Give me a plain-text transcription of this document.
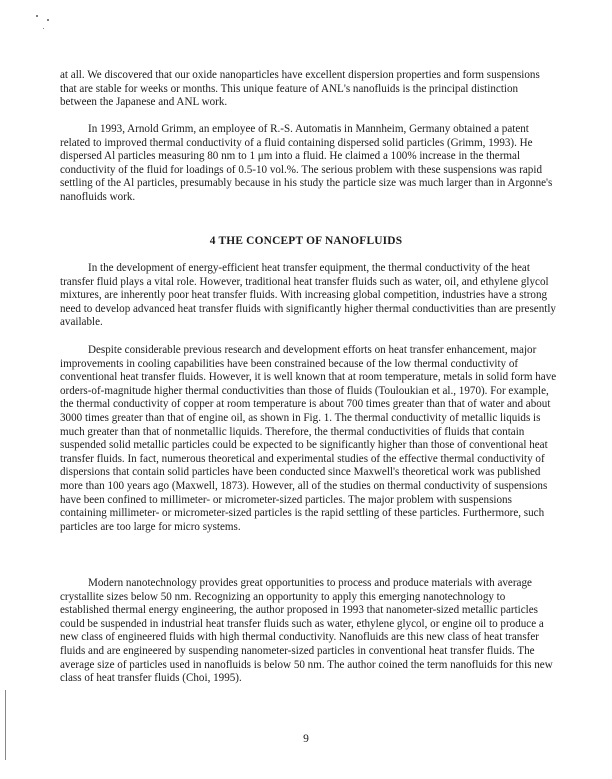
at all. We discovered that our oxide nanoparticles have excellent dispersion properties and form suspensions that are stable for weeks or months. This unique feature of ANL's nanofluids is the principal distinction between the Japanese and ANL work.

In 1993, Arnold Grimm, an employee of R.-S. Automatis in Mannheim, Germany obtained a patent related to improved thermal conductivity of a fluid containing dispersed solid particles (Grimm, 1993). He dispersed Al particles measuring 80 nm to 1 μm into a fluid. He claimed a 100% increase in the thermal conductivity of the fluid for loadings of 0.5-10 vol.%. The serious problem with these suspensions was rapid settling of the Al particles, presumably because in his study the particle size was much larger than in Argonne's nanofluids work.

4 THE CONCEPT OF NANOFLUIDS

In the development of energy-efficient heat transfer equipment, the thermal conductivity of the heat transfer fluid plays a vital role. However, traditional heat transfer fluids such as water, oil, and ethylene glycol mixtures, are inherently poor heat transfer fluids. With increasing global competition, industries have a strong need to develop advanced heat transfer fluids with significantly higher thermal conductivities than are presently available.

Despite considerable previous research and development efforts on heat transfer enhancement, major improvements in cooling capabilities have been constrained because of the low thermal conductivity of conventional heat transfer fluids. However, it is well known that at room temperature, metals in solid form have orders-of-magnitude higher thermal conductivities than those of fluids (Touloukian et al., 1970). For example, the thermal conductivity of copper at room temperature is about 700 times greater than that of water and about 3000 times greater than that of engine oil, as shown in Fig. 1. The thermal conductivity of metallic liquids is much greater than that of nonmetallic liquids. Therefore, the thermal conductivities of fluids that contain suspended solid metallic particles could be expected to be significantly higher than those of conventional heat transfer fluids. In fact, numerous theoretical and experimental studies of the effective thermal conductivity of dispersions that contain solid particles have been conducted since Maxwell's theoretical work was published more than 100 years ago (Maxwell, 1873). However, all of the studies on thermal conductivity of suspensions have been confined to millimeter- or micrometer-sized particles. The major problem with suspensions containing millimeter- or micrometer-sized particles is the rapid settling of these particles. Furthermore, such particles are too large for micro systems.

Modern nanotechnology provides great opportunities to process and produce materials with average crystallite sizes below 50 nm. Recognizing an opportunity to apply this emerging nanotechnology to established thermal energy engineering, the author proposed in 1993 that nanometer-sized metallic particles could be suspended in industrial heat transfer fluids such as water, ethylene glycol, or engine oil to produce a new class of engineered fluids with high thermal conductivity. Nanofluids are this new class of heat transfer fluids and are engineered by suspending nanometer-sized particles in conventional heat transfer fluids. The average size of particles used in nanofluids is below 50 nm. The author coined the term nanofluids for this new class of heat transfer fluids (Choi, 1995).

9
